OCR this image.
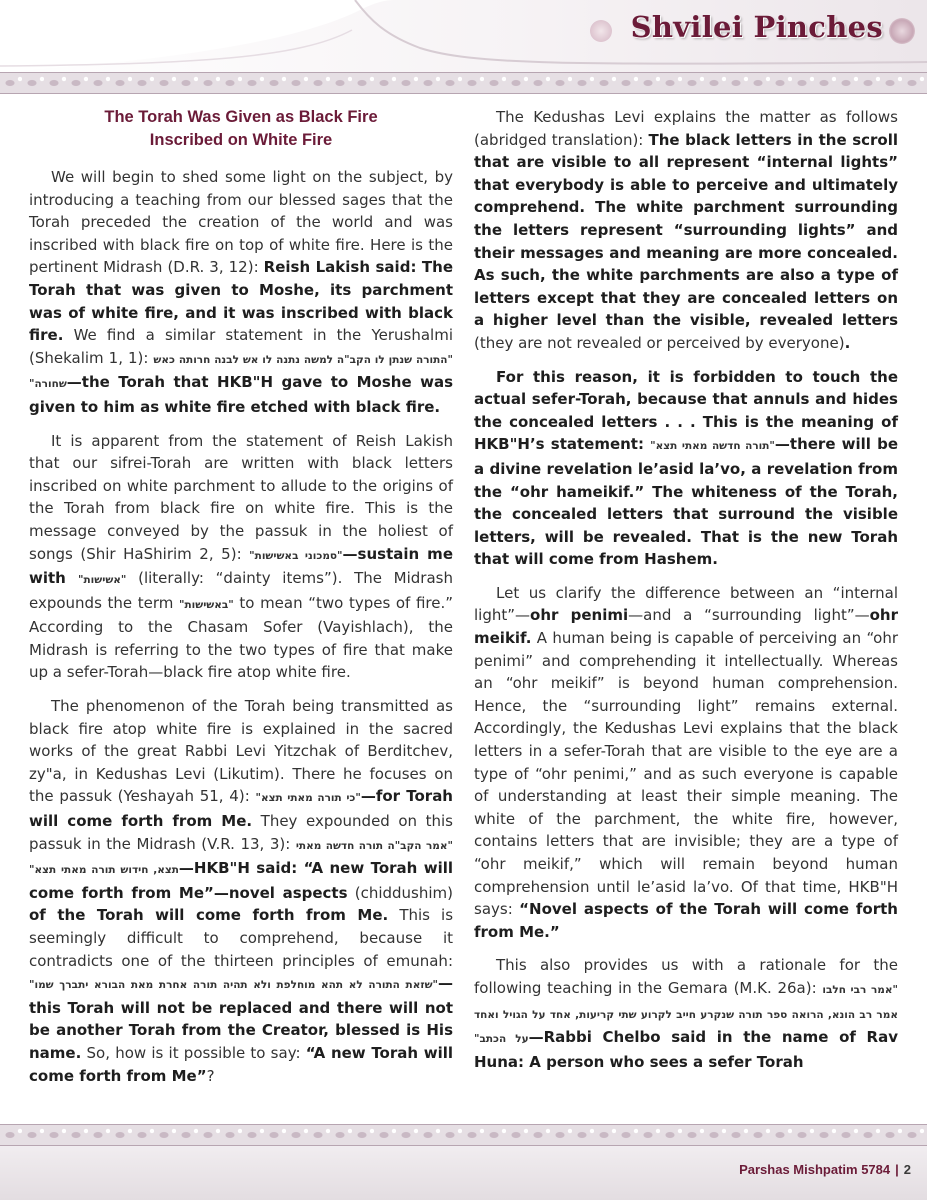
Shvilei Pinches
The Torah Was Given as Black Fire
Inscribed on White Fire

We will begin to shed some light on the subject, by introducing a teaching from our blessed sages that the Torah preceded the creation of the world and was inscribed with black fire on top of white fire. Here is the pertinent Midrash (D.R. 3, 12): Reish Lakish said: The Torah that was given to Moshe, its parchment was of white fire, and it was inscribed with black fire. We find a similar statement in the Yerushalmi (Shekalim 1, 1): "התורה שנתן לו הקב"ה למשה נתנה לו אש לבנה חרותה כאש שחורה"—the Torah that HKB"H gave to Moshe was given to him as white fire etched with black fire.

It is apparent from the statement of Reish Lakish that our sifrei-Torah are written with black letters inscribed on white parchment to allude to the origins of the Torah from black fire on white fire. This is the message conveyed by the passuk in the holiest of songs (Shir HaShirim 2, 5): "סמכוני באשישות"—sustain me with "אשישות" (literally: “dainty items”). The Midrash expounds the term "באשישות" to mean “two types of fire.” According to the Chasam Sofer (Vayishlach), the Midrash is referring to the two types of fire that make up a sefer-Torah—black fire atop white fire.

The phenomenon of the Torah being transmitted as black fire atop white fire is explained in the sacred works of the great Rabbi Levi Yitzchak of Berditchev, zy"a, in Kedushas Levi (Likutim). There he focuses on the passuk (Yeshayah 51, 4): "כי תורה מאתי תצא"—for Torah will come forth from Me. They expounded on this passuk in the Midrash (V.R. 13, 3): "אמר הקב"ה תורה חדשה מאתי תצא, חידוש תורה מאתי תצא"—HKB"H said: “A new Torah will come forth from Me”—novel aspects (chiddushim) of the Torah will come forth from Me. This is seemingly difficult to comprehend, because it contradicts one of the thirteen principles of emunah: "שזאת התורה לא תהא מוחלפת ולא תהיה תורה אחרת מאת הבורא יתברך שמו"—this Torah will not be replaced and there will not be another Torah from the Creator, blessed is His name. So, how is it possible to say: “A new Torah will come forth from Me”?

The Kedushas Levi explains the matter as follows (abridged translation): The black letters in the scroll that are visible to all represent “internal lights” that everybody is able to perceive and ultimately comprehend. The white parchment surrounding the letters represent “surrounding lights” and their messages and meaning are more concealed. As such, the white parchments are also a type of letters except that they are concealed letters on a higher level than the visible, revealed letters (they are not revealed or perceived by everyone).

For this reason, it is forbidden to touch the actual sefer-Torah, because that annuls and hides the concealed letters . . . This is the meaning of HKB"H’s statement: "תורה חדשה מאתי תצא"—there will be a divine revelation le’asid la’vo, a revelation from the “ohr hameikif.” The whiteness of the Torah, the concealed letters that surround the visible letters, will be revealed. That is the new Torah that will come from Hashem.

Let us clarify the difference between an “internal light”—ohr penimi—and a “surrounding light”—ohr meikif. A human being is capable of perceiving an “ohr penimi” and comprehending it intellectually. Whereas an “ohr meikif” is beyond human comprehension. Hence, the “surrounding light” remains external. Accordingly, the Kedushas Levi explains that the black letters in a sefer-Torah that are visible to the eye are a type of “ohr penimi,” and as such everyone is capable of understanding at least their simple meaning. The white of the parchment, the white fire, however, contains letters that are invisible; they are a type of “ohr meikif,” which will remain beyond human comprehension until le’asid la’vo. Of that time, HKB"H says: “Novel aspects of the Torah will come forth from Me.”

This also provides us with a rationale for the following teaching in the Gemara (M.K. 26a): "אמר רבי חלבו אמר רב הונא, הרואה ספר תורה שנקרע חייב לקרוע שתי קריעות, אחד על הגויל ואחד על הכתב"—Rabbi Chelbo said in the name of Rav Huna: A person who sees a sefer Torah

Parshas Mishpatim 5784 | 2
